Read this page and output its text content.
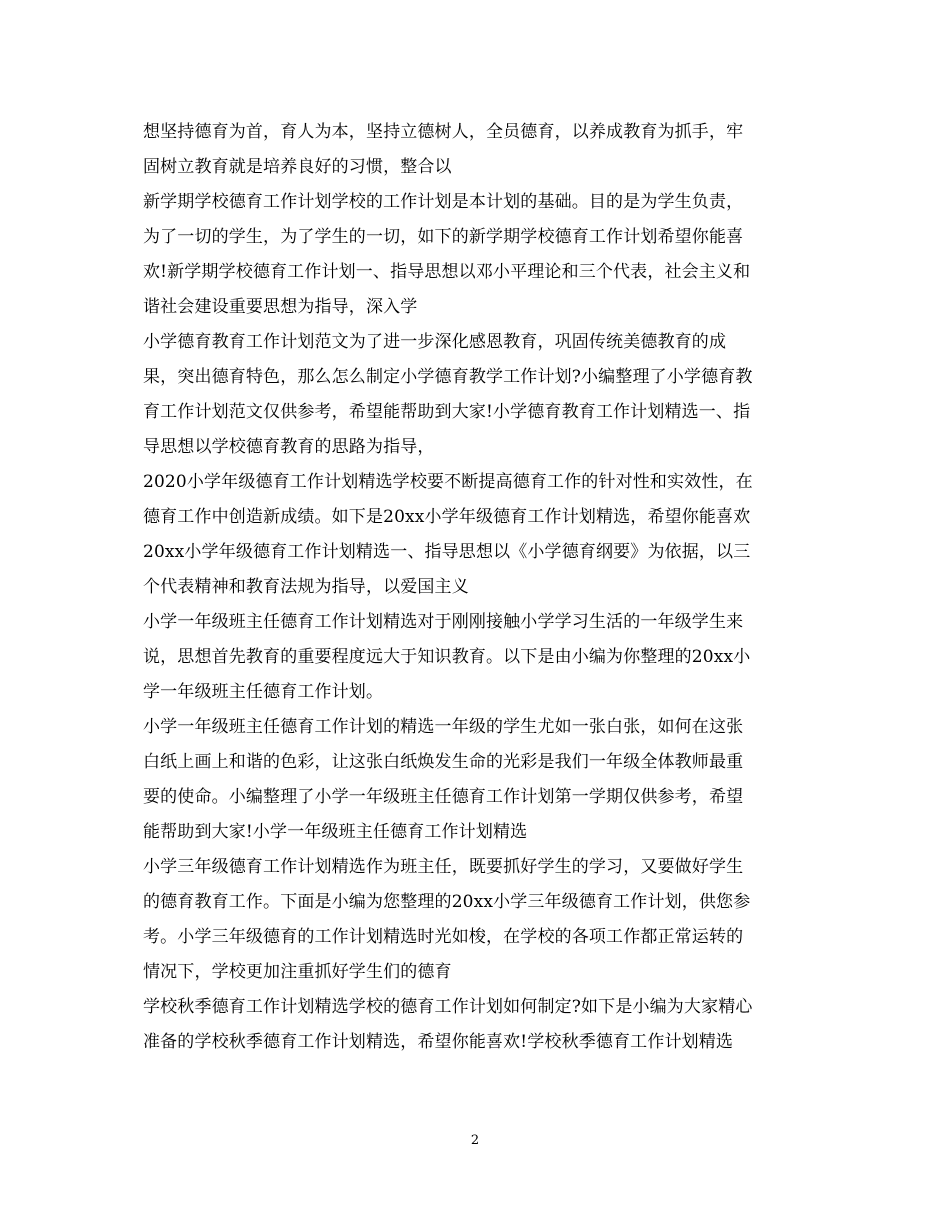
想坚持德育为首，育人为本，坚持立德树人，全员德育，以养成教育为抓手，牢
固树立教育就是培养良好的习惯，整合以
新学期学校德育工作计划学校的工作计划是本计划的基础。目的是为学生负责，
为了一切的学生，为了学生的一切，如下的新学期学校德育工作计划希望你能喜
欢!新学期学校德育工作计划一、指导思想以邓小平理论和三个代表，社会主义和
谐社会建设重要思想为指导，深入学
小学德育教育工作计划范文为了进一步深化感恩教育，巩固传统美德教育的成
果，突出德育特色，那么怎么制定小学德育教学工作计划?小编整理了小学德育教
育工作计划范文仅供参考，希望能帮助到大家!小学德育教育工作计划精选一、指
导思想以学校德育教育的思路为指导，
2020小学年级德育工作计划精选学校要不断提高德育工作的针对性和实效性，在
德育工作中创造新成绩。如下是20xx小学年级德育工作计划精选，希望你能喜欢
20xx小学年级德育工作计划精选一、指导思想以《小学德育纲要》为依据，以三
个代表精神和教育法规为指导，以爱国主义
小学一年级班主任德育工作计划精选对于刚刚接触小学学习生活的一年级学生来
说，思想首先教育的重要程度远大于知识教育。以下是由小编为你整理的20xx小
学一年级班主任德育工作计划。
小学一年级班主任德育工作计划的精选一年级的学生尤如一张白张，如何在这张
白纸上画上和谐的色彩，让这张白纸焕发生命的光彩是我们一年级全体教师最重
要的使命。小编整理了小学一年级班主任德育工作计划第一学期仅供参考，希望
能帮助到大家!小学一年级班主任德育工作计划精选
小学三年级德育工作计划精选作为班主任，既要抓好学生的学习，又要做好学生
的德育教育工作。下面是小编为您整理的20xx小学三年级德育工作计划，供您参
考。小学三年级德育的工作计划精选时光如梭，在学校的各项工作都正常运转的
情况下，学校更加注重抓好学生们的德育
学校秋季德育工作计划精选学校的德育工作计划如何制定?如下是小编为大家精心
准备的学校秋季德育工作计划精选，希望你能喜欢!学校秋季德育工作计划精选
2
